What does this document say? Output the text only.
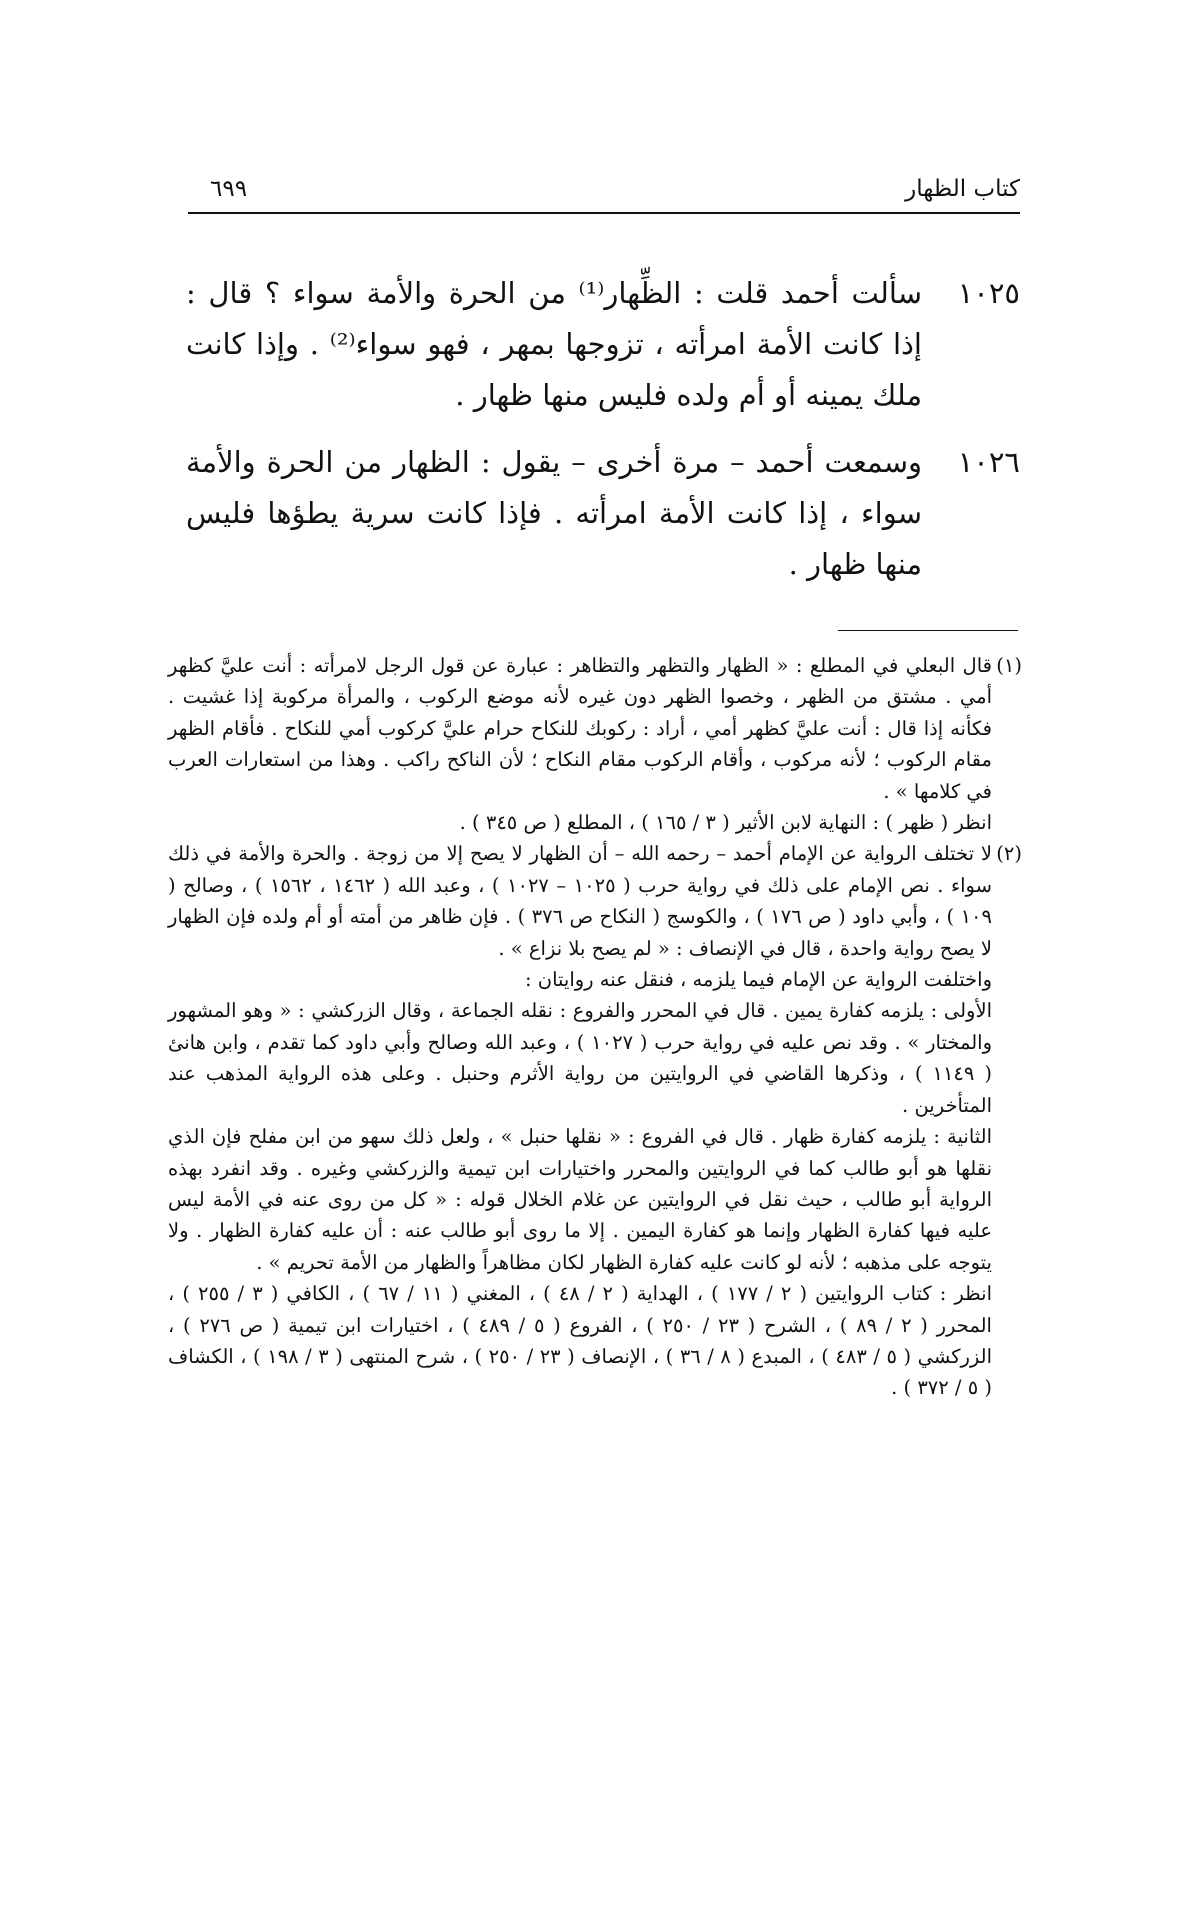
كتاب الظهار
٦٩٩
١٠٢٥
سألت أحمد قلت : الظِّهار⁽¹⁾ من الحرة والأمة سواء ؟ قال : إذا كانت الأمة امرأته ، تزوجها بمهر ، فهو سواء⁽²⁾ . وإذا كانت ملك يمينه أو أم ولده فليس منها ظهار .
١٠٢٦
وسمعت أحمد – مرة أخرى – يقول : الظهار من الحرة والأمة سواء ، إذا كانت الأمة امرأته . فإذا كانت سرية يطؤها فليس منها ظهار .
(١)

قال البعلي في المطلع : « الظهار والتظهر والتظاهر : عبارة عن قول الرجل لامرأته : أنت عليَّ كظهر أمي . مشتق من الظهر ، وخصوا الظهر دون غيره لأنه موضع الركوب ، والمرأة مركوبة إذا غشيت . فكأنه إذا قال : أنت عليَّ كظهر أمي ، أراد : ركوبك للنكاح حرام عليَّ كركوب أمي للنكاح . فأقام الظهر مقام الركوب ؛ لأنه مركوب ، وأقام الركوب مقام النكاح ؛ لأن الناكح راكب . وهذا من استعارات العرب في كلامها » .

انظر ( ظهر ) : النهاية لابن الأثير ( ٣ / ١٦٥ ) ، المطلع ( ص ٣٤٥ ) .

(٢)

لا تختلف الرواية عن الإمام أحمد – رحمه الله – أن الظهار لا يصح إلا من زوجة . والحرة والأمة في ذلك سواء . نص الإمام على ذلك في رواية حرب ( ١٠٢٥ – ١٠٢٧ ) ، وعبد الله ( ١٤٦٢ ، ١٥٦٢ ) ، وصالح ( ١٠٩ ) ، وأبي داود ( ص ١٧٦ ) ، والكوسج ( النكاح ص ٣٧٦ ) . فإن ظاهر من أمته أو أم ولده فإن الظهار لا يصح رواية واحدة ، قال في الإنصاف : « لم يصح بلا نزاع » .

واختلفت الرواية عن الإمام فيما يلزمه ، فنقل عنه روايتان :

الأولى : يلزمه كفارة يمين . قال في المحرر والفروع : نقله الجماعة ، وقال الزركشي : « وهو المشهور والمختار » . وقد نص عليه في رواية حرب ( ١٠٢٧ ) ، وعبد الله وصالح وأبي داود كما تقدم ، وابن هانئ ( ١١٤٩ ) ، وذكرها القاضي في الروايتين من رواية الأثرم وحنبل . وعلى هذه الرواية المذهب عند المتأخرين .

الثانية : يلزمه كفارة ظهار . قال في الفروع : « نقلها حنبل » ، ولعل ذلك سهو من ابن مفلح فإن الذي نقلها هو أبو طالب كما في الروايتين والمحرر واختيارات ابن تيمية والزركشي وغيره . وقد انفرد بهذه الرواية أبو طالب ، حيث نقل في الروايتين عن غلام الخلال قوله : « كل من روى عنه في الأمة ليس عليه فيها كفارة الظهار وإنما هو كفارة اليمين . إلا ما روى أبو طالب عنه : أن عليه كفارة الظهار . ولا يتوجه على مذهبه ؛ لأنه لو كانت عليه كفارة الظهار لكان مظاهراً والظهار من الأمة تحريم » .

انظر : كتاب الروايتين ( ٢ / ١٧٧ ) ، الهداية ( ٢ / ٤٨ ) ، المغني ( ١١ / ٦٧ ) ، الكافي ( ٣ / ٢٥٥ ) ، المحرر ( ٢ / ٨٩ ) ، الشرح ( ٢٣ / ٢٥٠ ) ، الفروع ( ٥ / ٤٨٩ ) ، اختيارات ابن تيمية ( ص ٢٧٦ ) ، الزركشي ( ٥ / ٤٨٣ ) ، المبدع ( ٨ / ٣٦ ) ، الإنصاف ( ٢٣ / ٢٥٠ ) ، شرح المنتهى ( ٣ / ١٩٨ ) ، الكشاف ( ٥ / ٣٧٢ ) .
